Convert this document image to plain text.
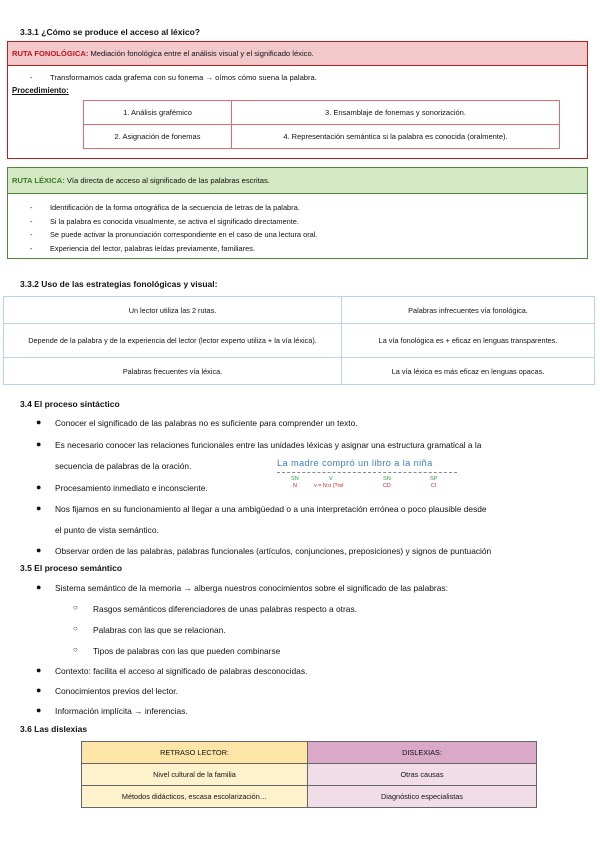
3.3.1 ¿Cómo se produce el acceso al léxico?
RUTA FONOLÓGICA: Mediación fonológica entre el análisis visual y el significado léxico.
- Transformamos cada grafema con su fonema → oímos cómo suena la palabra.
Procedimiento:
1. Análisis grafémico	3. Ensamblaje de fonemas y sonorización.
2. Asignación de fonemas	4. Representación semántica si la palabra es conocida (oralmente).
RUTA LÉXICA: Vía directa de acceso al significado de las palabras escritas.
- Identificación de la forma ortográfica de la secuencia de letras de la palabra.
- Si la palabra es conocida visualmente, se activa el significado directamente.
- Se puede activar la pronunciación correspondiente en el caso de una lectura oral.
- Experiencia del lector, palabras leídas previamente, familiares.
3.3.2 Uso de las estrategias fonológicas y visual:
Un lector utiliza las 2 rutas.	Palabras infrecuentes vía fonológica.
Depende de la palabra y de la experiencia del lector (lector experto utiliza + la vía léxica).	La vía fonológica es + eficaz en lenguas transparentes.
Palabras frecuentes vía léxica.	La vía léxica es más eficaz en lenguas opacas.
3.4 El proceso sintáctico
● Conocer el significado de las palabras no es suficiente para comprender un texto.
● Es necesario conocer las relaciones funcionales entre las unidades léxicas y asignar una estructura gramatical a la
secuencia de palabras de la oración.
● Procesamiento inmediato e inconsciente.
● Nos fijamos en su funcionamiento al llegar a una ambigüedad o a una interpretación errónea o poco plausible desde
el punto de vista semántico.
● Observar orden de las palabras, palabras funcionales (artículos, conjunciones, preposiciones) y signos de puntuación
La madre compró un libro a la niña
SN	V	SN	SP
N	v = N:o (?rel	CD	CI
3.5 El proceso semántico
● Sistema semántico de la memoria → alberga nuestros conocimientos sobre el significado de las palabras:
○ Rasgos semánticos diferenciadores de unas palabras respecto a otras.
○ Palabras con las que se relacionan.
○ Tipos de palabras con las que pueden combinarse
● Contexto: facilita el acceso al significado de palabras desconocidas.
● Conocimientos previos del lector.
● Información implícita → inferencias.
3.6 Las dislexias
RETRASO LECTOR:	DISLEXIAS:
Nivel cultural de la familia	Otras causas
Métodos didácticos, escasa escolarización…	Diagnóstico especialistas
